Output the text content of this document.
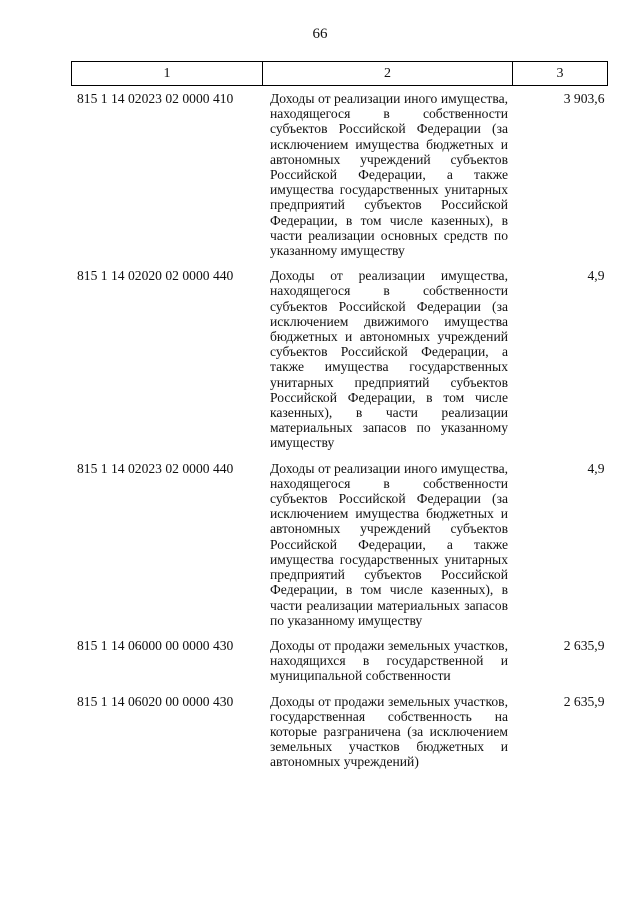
66
1	2	3
815 1 14 02023 02 0000 410	Доходы от реализации иного имущества, находящегося в собственности субъектов Российской Федерации (за исключением имущества бюджетных и автономных учреждений субъектов Российской Федерации, а также имущества государственных унитарных предприятий субъектов Российской Федерации, в том числе казенных), в части реализации основных средств по указанному имуществу	3 903,6
815 1 14 02020 02 0000 440	Доходы от реализации имущества, находящегося в собственности субъектов Российской Федерации (за исключением движимого имущества бюджетных и автономных учреждений субъектов Российской Федерации, а также имущества государственных унитарных предприятий субъектов Российской Федерации, в том числе казенных), в части реализации материальных запасов по указанному имуществу	4,9
815 1 14 02023 02 0000 440	Доходы от реализации иного имущества, находящегося в собственности субъектов Российской Федерации (за исключением имущества бюджетных и автономных учреждений субъектов Российской Федерации, а также имущества государственных унитарных предприятий субъектов Российской Федерации, в том числе казенных), в части реализации материальных запасов по указанному имуществу	4,9
815 1 14 06000 00 0000 430	Доходы от продажи земельных участков, находящихся в государственной и муниципальной собственности	2 635,9
815 1 14 06020 00 0000 430	Доходы от продажи земельных участков, государственная собственность на которые разграничена (за исключением земельных участков бюджетных и автономных учреждений)	2 635,9
